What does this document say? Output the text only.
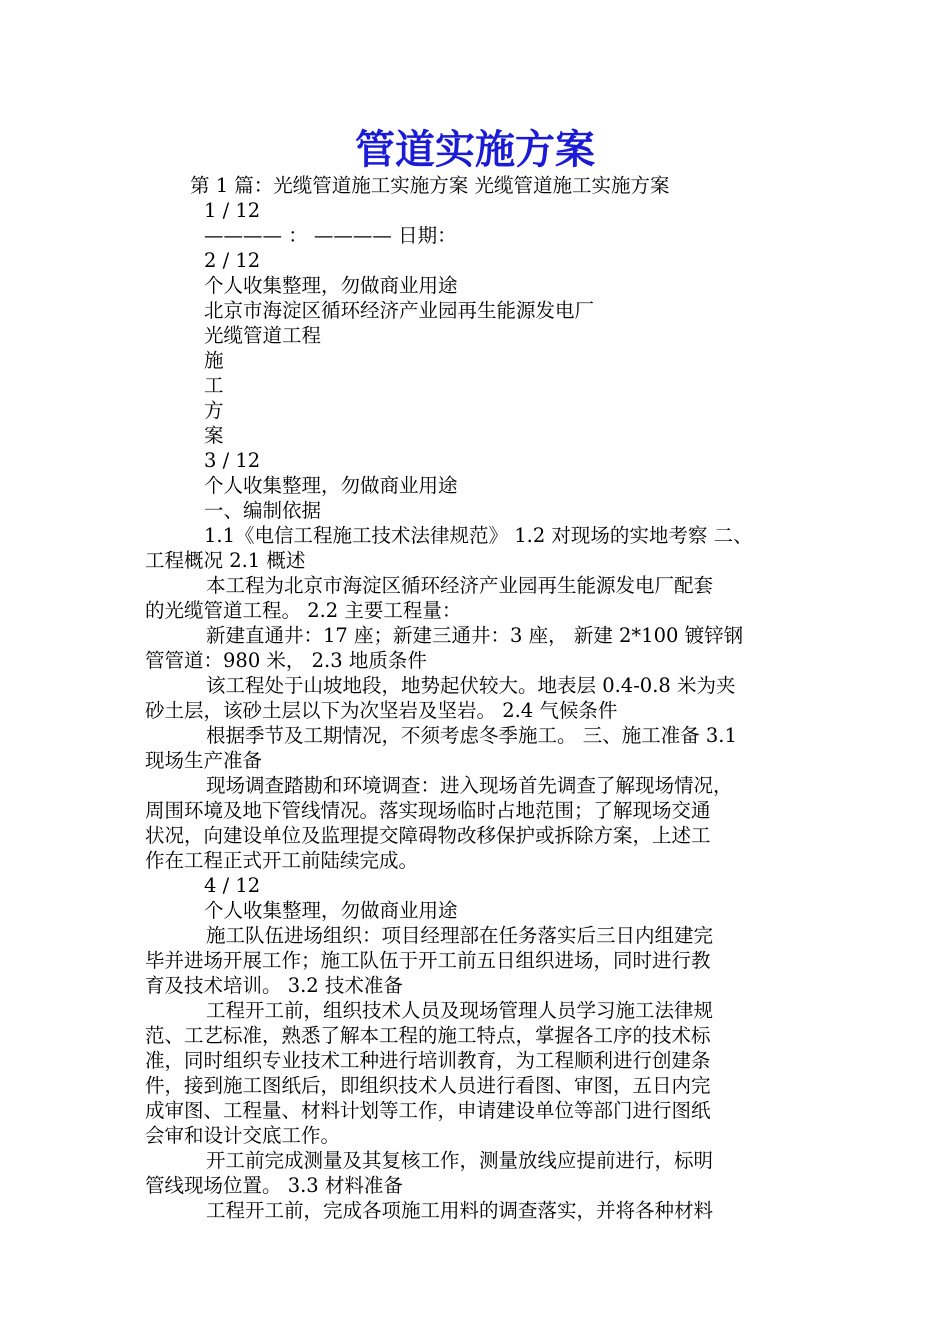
管道实施方案

第 1 篇：光缆管道施工实施方案 光缆管道施工实施方案

1 / 12

———— ： ———— 日期：

2 / 12

个人收集整理，勿做商业用途

北京市海淀区循环经济产业园再生能源发电厂

光缆管道工程

施

工

方

案

3 / 12

个人收集整理，勿做商业用途

一、编制依据

1.1《电信工程施工技术法律规范》 1.2 对现场的实地考察 二、

工程概况 2.1 概述

本工程为北京市海淀区循环经济产业园再生能源发电厂配套

的光缆管道工程。 2.2 主要工程量：

新建直通井：17 座；新建三通井：3 座， 新建 2*100 镀锌钢

管管道：980 米， 2.3 地质条件

该工程处于山坡地段，地势起伏较大。地表层 0.4-0.8 米为夹

砂土层，该砂土层以下为次坚岩及坚岩。 2.4 气候条件

根据季节及工期情况，不须考虑冬季施工。 三、施工准备 3.1

现场生产准备

现场调查踏勘和环境调查：进入现场首先调查了解现场情况，

周围环境及地下管线情况。落实现场临时占地范围；了解现场交通

状况，向建设单位及监理提交障碍物改移保护或拆除方案，上述工

作在工程正式开工前陆续完成。

4 / 12

个人收集整理，勿做商业用途

施工队伍进场组织：项目经理部在任务落实后三日内组建完

毕并进场开展工作；施工队伍于开工前五日组织进场，同时进行教

育及技术培训。 3.2 技术准备

工程开工前，组织技术人员及现场管理人员学习施工法律规

范、工艺标准，熟悉了解本工程的施工特点，掌握各工序的技术标

准，同时组织专业技术工种进行培训教育，为工程顺利进行创建条

件，接到施工图纸后，即组织技术人员进行看图、审图，五日内完

成审图、工程量、材料计划等工作，申请建设单位等部门进行图纸

会审和设计交底工作。

开工前完成测量及其复核工作，测量放线应提前进行，标明

管线现场位置。 3.3 材料准备

工程开工前，完成各项施工用料的调查落实，并将各种材料
